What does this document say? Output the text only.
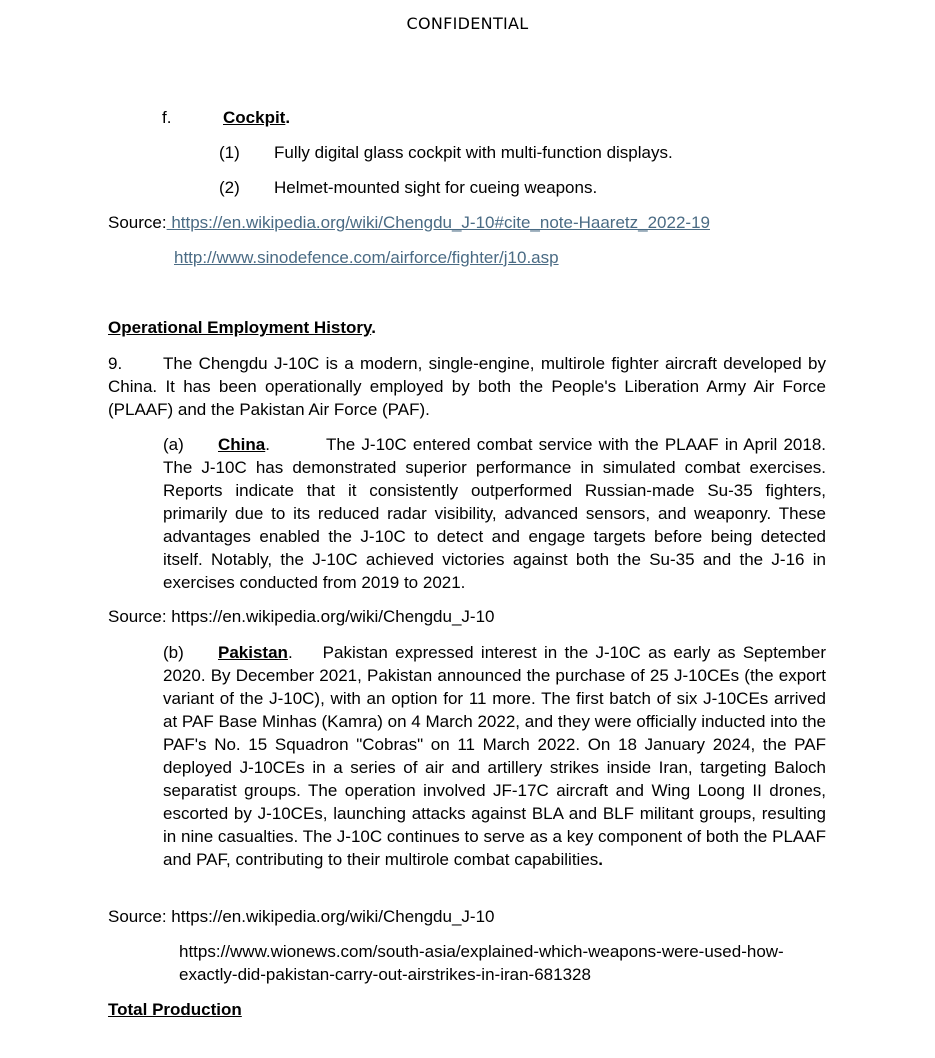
CONFIDENTIAL
f.	Cockpit.
(1) Fully digital glass cockpit with multi-function displays.
(2) Helmet-mounted sight for cueing weapons.
Source: https://en.wikipedia.org/wiki/Chengdu_J-10#cite_note-Haaretz_2022-19
http://www.sinodefence.com/airforce/fighter/j10.asp
Operational Employment History.
9. The Chengdu J-10C is a modern, single-engine, multirole fighter aircraft developed by China. It has been operationally employed by both the People's Liberation Army Air Force (PLAAF) and the Pakistan Air Force (PAF).
(a) China.	The J-10C entered combat service with the PLAAF in April 2018. The J-10C has demonstrated superior performance in simulated combat exercises. Reports indicate that it consistently outperformed Russian-made Su-35 fighters, primarily due to its reduced radar visibility, advanced sensors, and weaponry. These advantages enabled the J-10C to detect and engage targets before being detected itself. Notably, the J-10C achieved victories against both the Su-35 and the J-16 in exercises conducted from 2019 to 2021.
Source: https://en.wikipedia.org/wiki/Chengdu_J-10
(b) Pakistan. Pakistan expressed interest in the J-10C as early as September 2020. By December 2021, Pakistan announced the purchase of 25 J-10CEs (the export variant of the J-10C), with an option for 11 more. The first batch of six J-10CEs arrived at PAF Base Minhas (Kamra) on 4 March 2022, and they were officially inducted into the PAF's No. 15 Squadron "Cobras" on 11 March 2022. On 18 January 2024, the PAF deployed J-10CEs in a series of air and artillery strikes inside Iran, targeting Baloch separatist groups. The operation involved JF-17C aircraft and Wing Loong II drones, escorted by J-10CEs, launching attacks against BLA and BLF militant groups, resulting in nine casualties. The J-10C continues to serve as a key component of both the PLAAF and PAF, contributing to their multirole combat capabilities.
Source: https://en.wikipedia.org/wiki/Chengdu_J-10
https://www.wionews.com/south-asia/explained-which-weapons-were-used-how-exactly-did-pakistan-carry-out-airstrikes-in-iran-681328
Total Production
